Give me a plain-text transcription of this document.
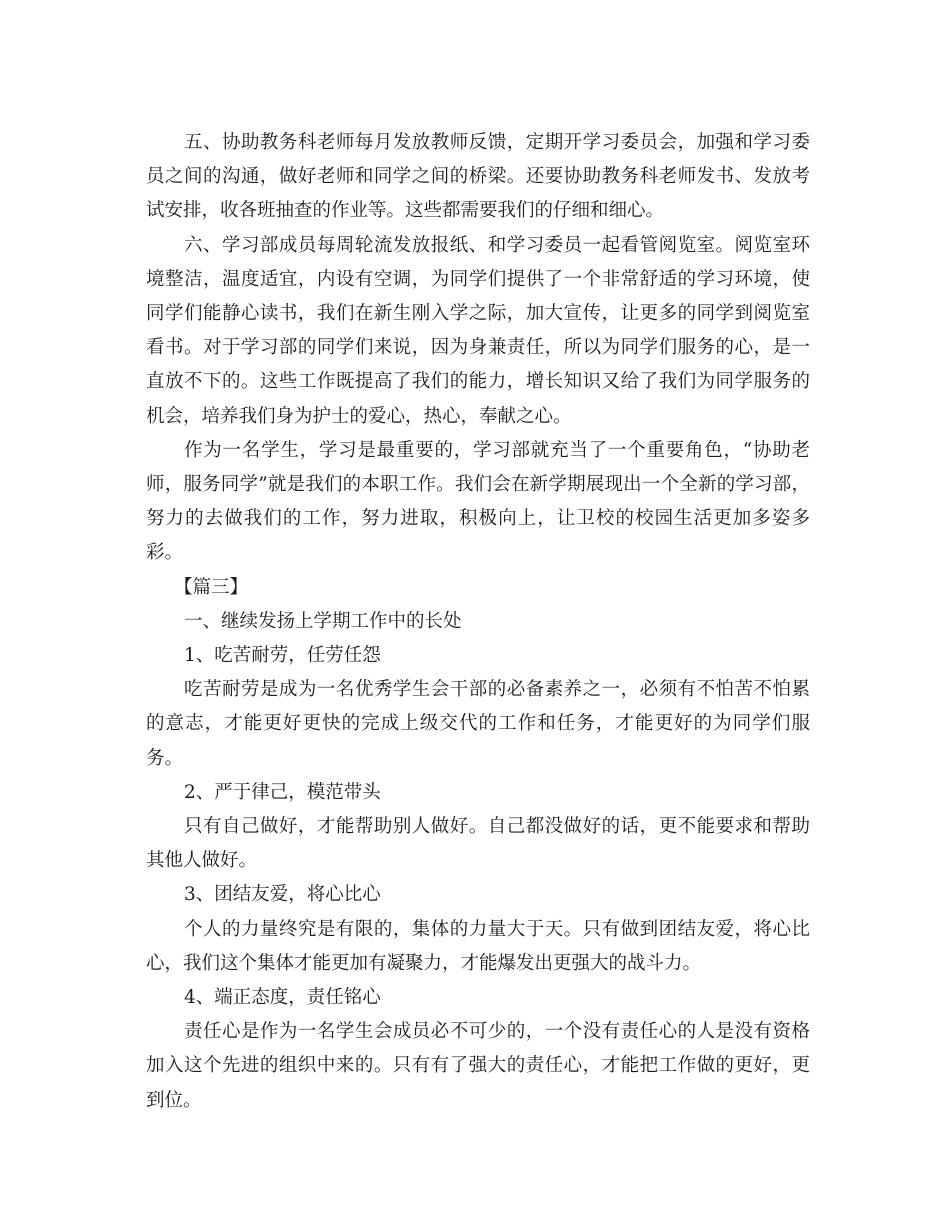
五、协助教务科老师每月发放教师反馈，定期开学习委员会，加强和学习委员之间的沟通，做好老师和同学之间的桥梁。还要协助教务科老师发书、发放考试安排，收各班抽查的作业等。这些都需要我们的仔细和细心。

六、学习部成员每周轮流发放报纸、和学习委员一起看管阅览室。阅览室环境整洁，温度适宜，内设有空调，为同学们提供了一个非常舒适的学习环境，使同学们能静心读书，我们在新生刚入学之际，加大宣传，让更多的同学到阅览室看书。对于学习部的同学们来说，因为身兼责任，所以为同学们服务的心，是一直放不下的。这些工作既提高了我们的能力，增长知识又给了我们为同学服务的机会，培养我们身为护士的爱心，热心，奉献之心。

作为一名学生，学习是最重要的，学习部就充当了一个重要角色，“协助老师，服务同学”就是我们的本职工作。我们会在新学期展现出一个全新的学习部，努力的去做我们的工作，努力进取，积极向上，让卫校的校园生活更加多姿多彩。

【篇三】

一、继续发扬上学期工作中的长处

1、吃苦耐劳，任劳任怨

吃苦耐劳是成为一名优秀学生会干部的必备素养之一，必须有不怕苦不怕累的意志，才能更好更快的完成上级交代的工作和任务，才能更好的为同学们服务。

2、严于律己，模范带头

只有自己做好，才能帮助别人做好。自己都没做好的话，更不能要求和帮助其他人做好。

3、团结友爱，将心比心

个人的力量终究是有限的，集体的力量大于天。只有做到团结友爱，将心比心，我们这个集体才能更加有凝聚力，才能爆发出更强大的战斗力。

4、端正态度，责任铭心

责任心是作为一名学生会成员必不可少的，一个没有责任心的人是没有资格加入这个先进的组织中来的。只有有了强大的责任心，才能把工作做的更好，更到位。
